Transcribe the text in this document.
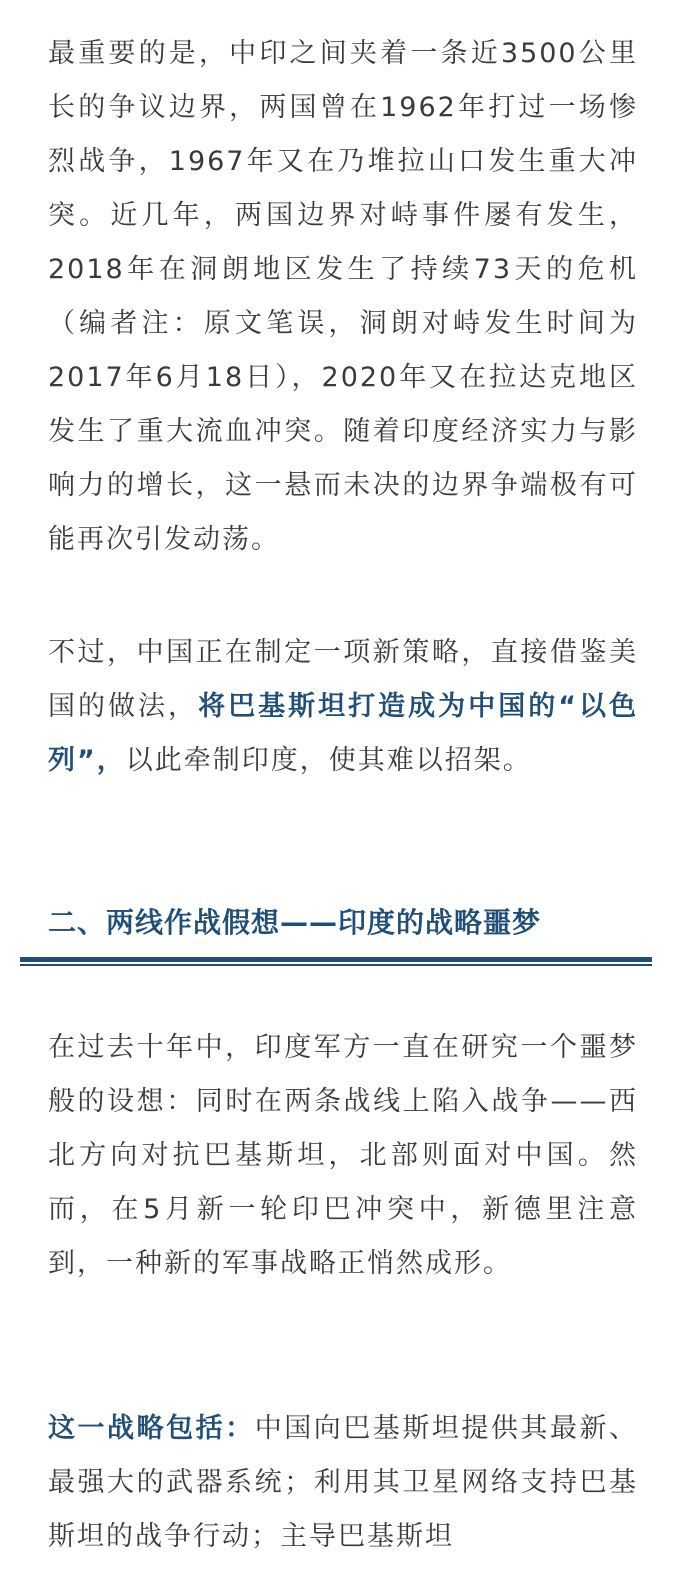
最重要的是，中印之间夹着一条近3500公里长的争议边界，两国曾在1962年打过一场惨烈战争，1967年又在乃堆拉山口发生重大冲突。近几年，两国边界对峙事件屡有发生，2018年在洞朗地区发生了持续73天的危机（编者注：原文笔误，洞朗对峙发生时间为2017年6月18日），2020年又在拉达克地区发生了重大流血冲突。随着印度经济实力与影响力的增长，这一悬而未决的边界争端极有可能再次引发动荡。

不过，中国正在制定一项新策略，直接借鉴美国的做法，将巴基斯坦打造成为中国的“以色列”，以此牵制印度，使其难以招架。

二、两线作战假想——印度的战略噩梦

在过去十年中，印度军方一直在研究一个噩梦般的设想：同时在两条战线上陷入战争——西北方向对抗巴基斯坦，北部则面对中国。然而，在5月新一轮印巴冲突中，新德里注意到，一种新的军事战略正悄然成形。

这一战略包括：中国向巴基斯坦提供其最新、最强大的武器系统；利用其卫星网络支持巴基斯坦的战争行动；主导巴基斯坦
